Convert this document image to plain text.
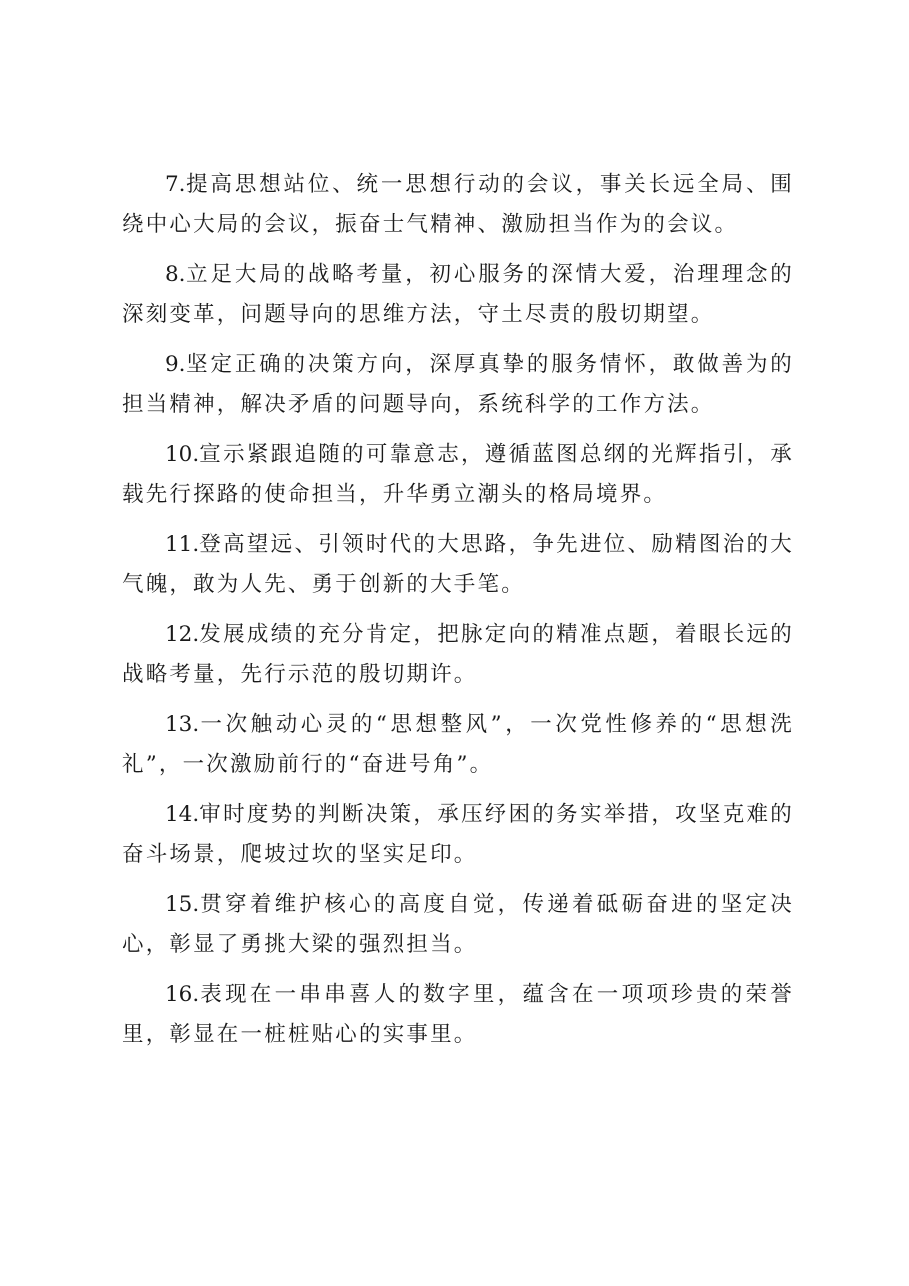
7.提高思想站位、统一思想行动的会议，事关长远全局、围绕中心大局的会议，振奋士气精神、激励担当作为的会议。

8.立足大局的战略考量，初心服务的深情大爱，治理理念的深刻变革，问题导向的思维方法，守土尽责的殷切期望。

9.坚定正确的决策方向，深厚真挚的服务情怀，敢做善为的担当精神，解决矛盾的问题导向，系统科学的工作方法。

10.宣示紧跟追随的可靠意志，遵循蓝图总纲的光辉指引，承载先行探路的使命担当，升华勇立潮头的格局境界。

11.登高望远、引领时代的大思路，争先进位、励精图治的大气魄，敢为人先、勇于创新的大手笔。

12.发展成绩的充分肯定，把脉定向的精准点题，着眼长远的战略考量，先行示范的殷切期许。

13.一次触动心灵的“思想整风”，一次党性修养的“思想洗礼”，一次激励前行的“奋进号角”。

14.审时度势的判断决策，承压纾困的务实举措，攻坚克难的奋斗场景，爬坡过坎的坚实足印。

15.贯穿着维护核心的高度自觉，传递着砥砺奋进的坚定决心，彰显了勇挑大梁的强烈担当。

16.表现在一串串喜人的数字里，蕴含在一项项珍贵的荣誉里，彰显在一桩桩贴心的实事里。
